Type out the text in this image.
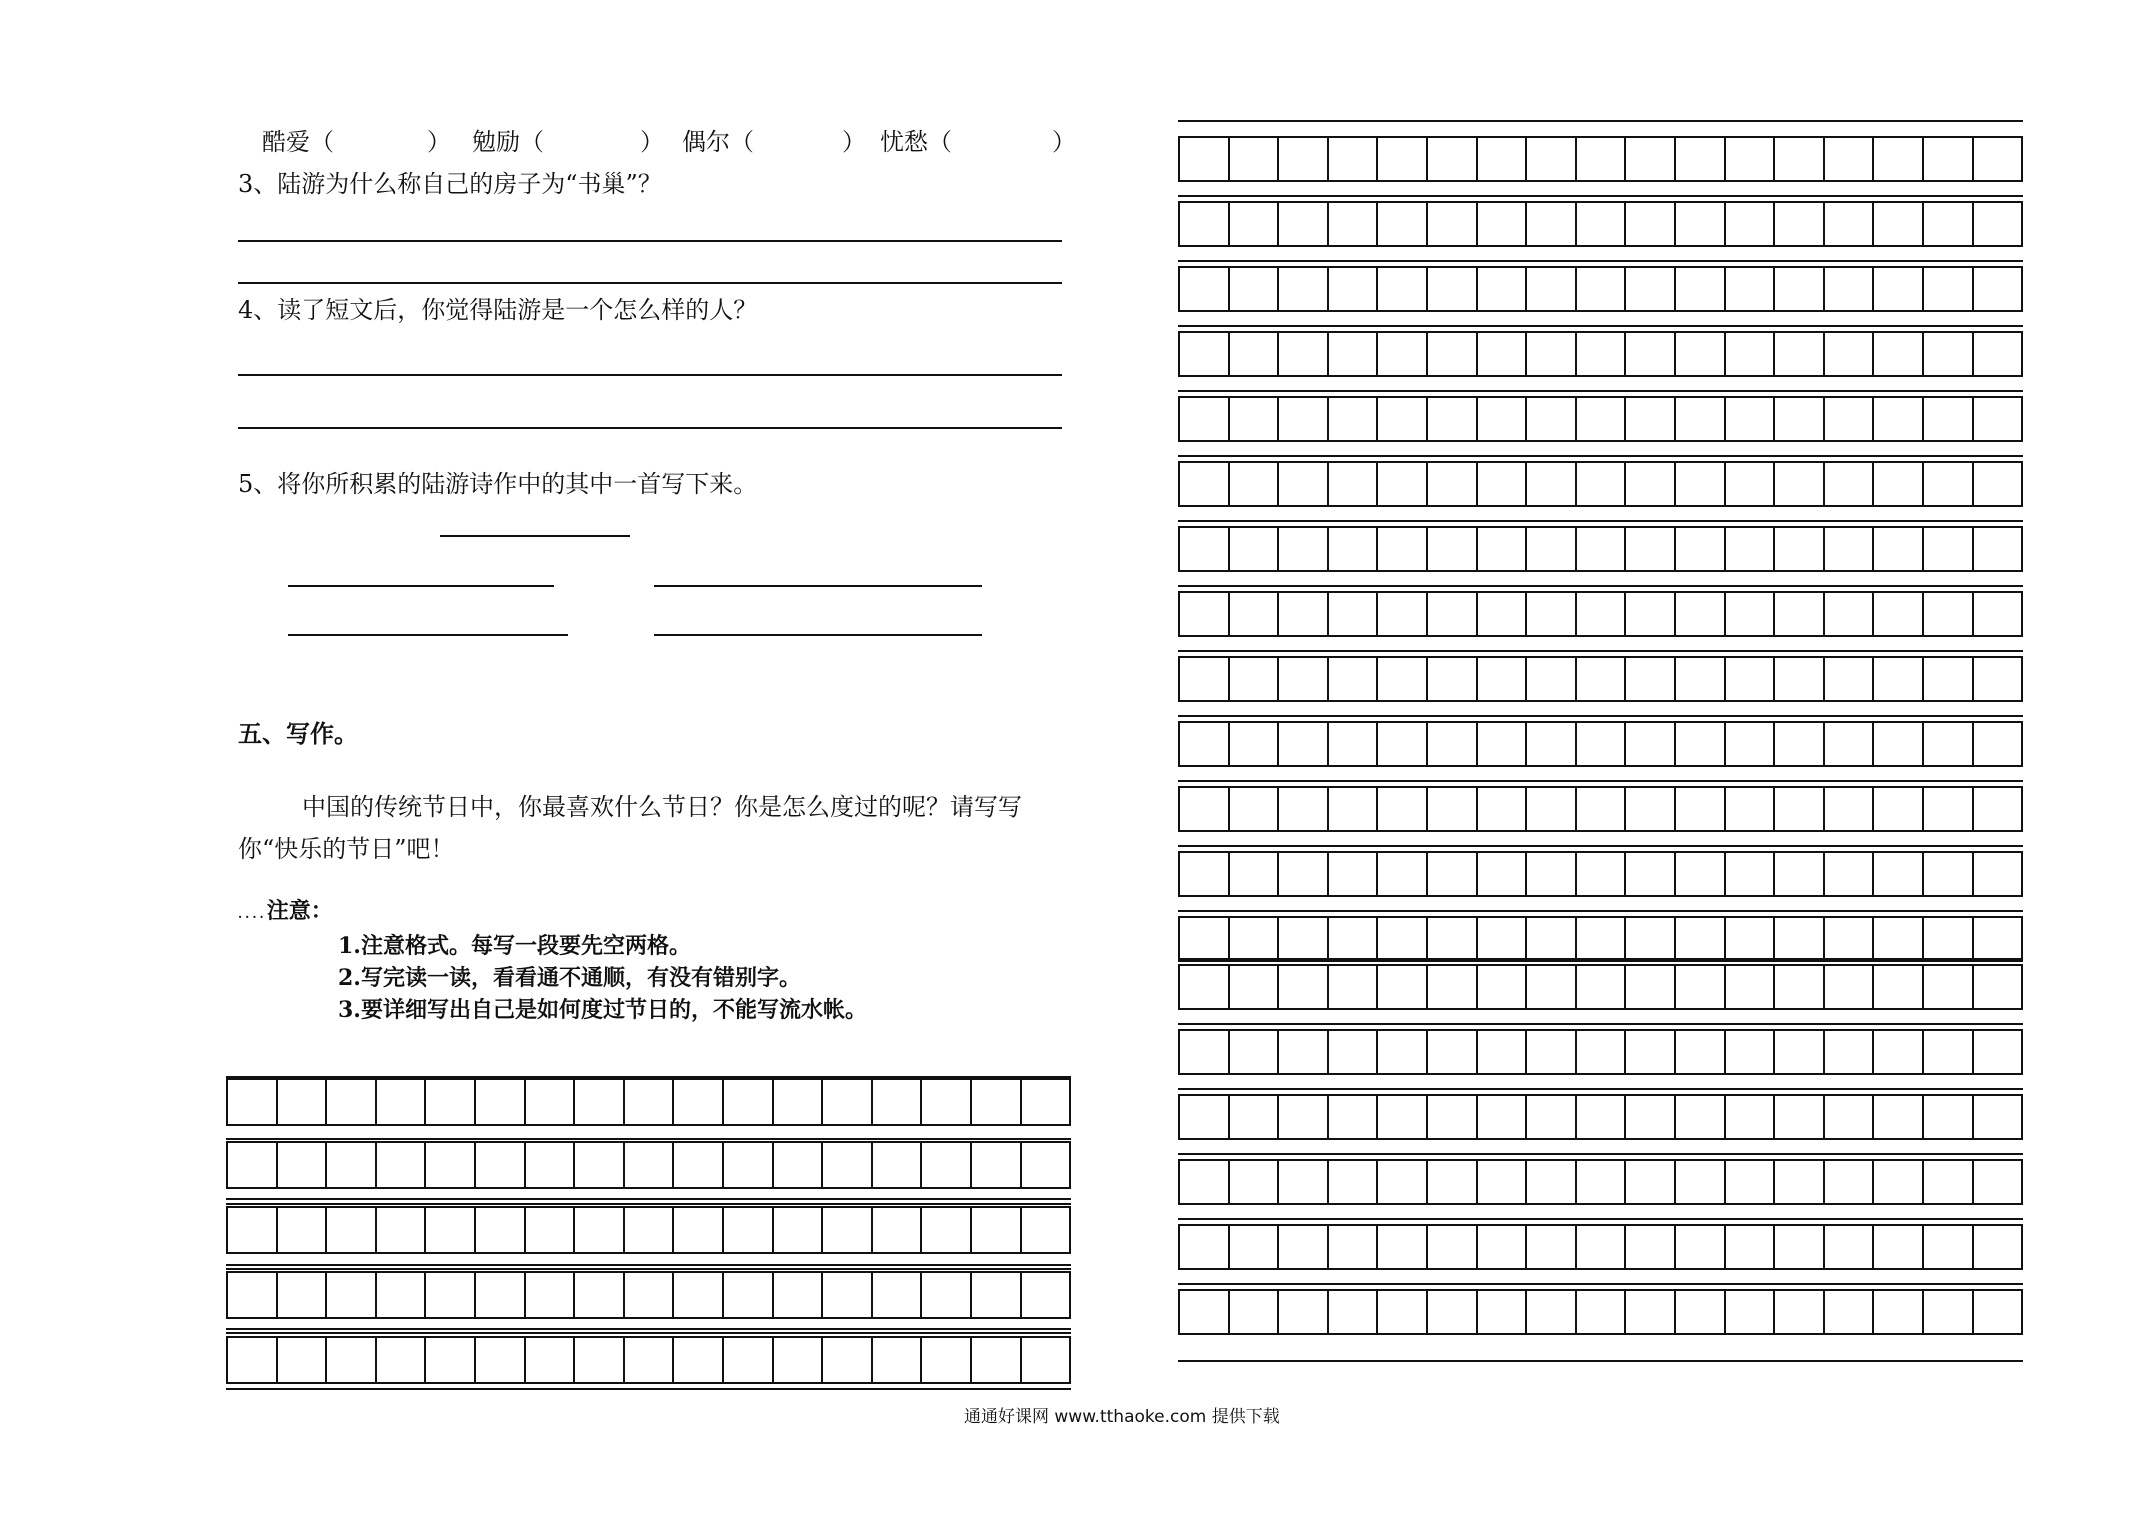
酷爱（	） 勉励（	） 偶尔（	） 忧愁（	）
3、陆游为什么称自己的房子为“书巢”？
4、读了短文后，你觉得陆游是一个怎么样的人？
5、将你所积累的陆游诗作中的其中一首写下来。
五、写作。
中国的传统节日中，你最喜欢什么节日？你是怎么度过的呢？请写写
你“快乐的节日”吧！
....注意：
1.注意格式。每写一段要先空两格。
2.写完读一读，看看通不通顺，有没有错别字。
3.要详细写出自己是如何度过节日的，不能写流水帐。
通通好课网 www.tthaoke.com 提供下载
